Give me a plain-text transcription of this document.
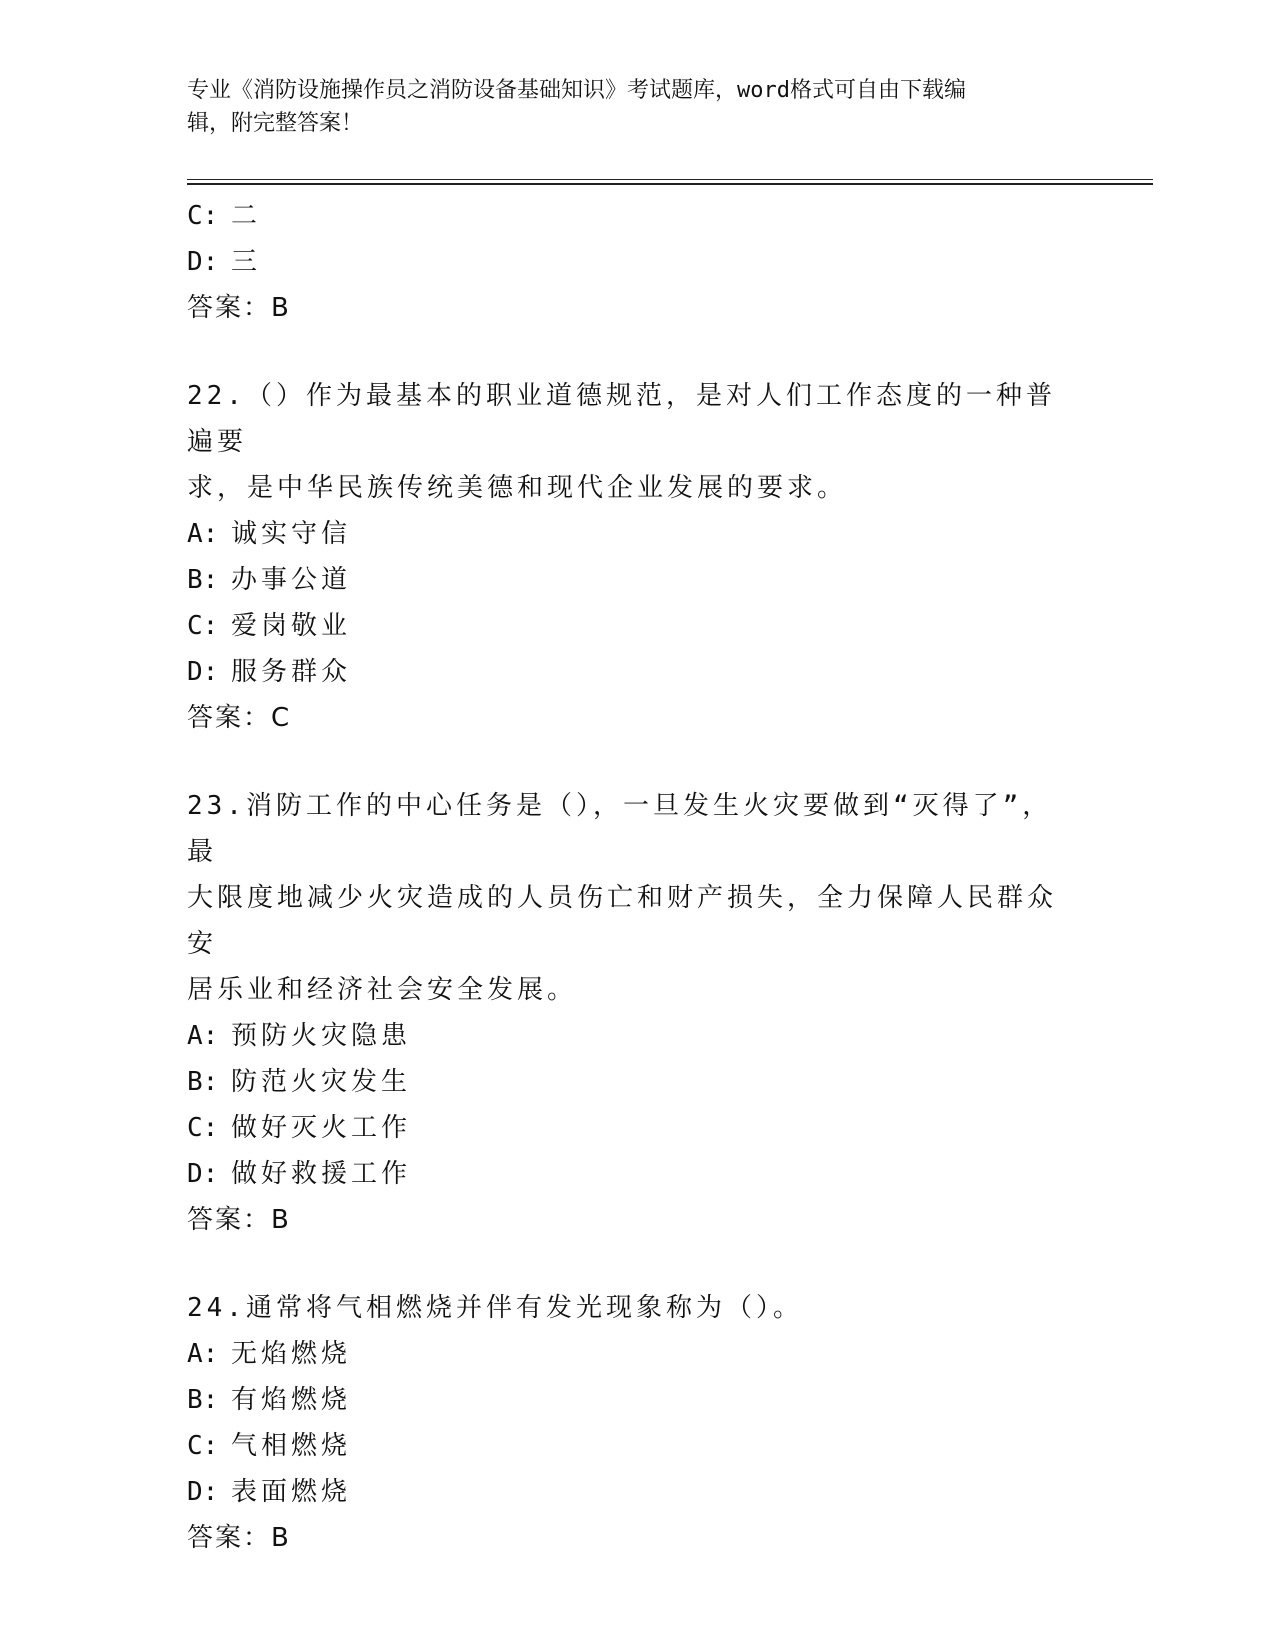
专业《消防设施操作员之消防设备基础知识》考试题库，word格式可自由下载编
辑，附完整答案！
C: 二
D: 三
答案：B
22.（）作为最基本的职业道德规范，是对人们工作态度的一种普遍要
求，是中华民族传统美德和现代企业发展的要求。
A: 诚实守信
B: 办事公道
C: 爱岗敬业
D: 服务群众
答案：C
23.消防工作的中心任务是（），一旦发生火灾要做到“灭得了”，最
大限度地减少火灾造成的人员伤亡和财产损失，全力保障人民群众安
居乐业和经济社会安全发展。
A: 预防火灾隐患
B: 防范火灾发生
C: 做好灭火工作
D: 做好救援工作
答案：B
24.通常将气相燃烧并伴有发光现象称为（）。
A: 无焰燃烧
B: 有焰燃烧
C: 气相燃烧
D: 表面燃烧
答案：B
